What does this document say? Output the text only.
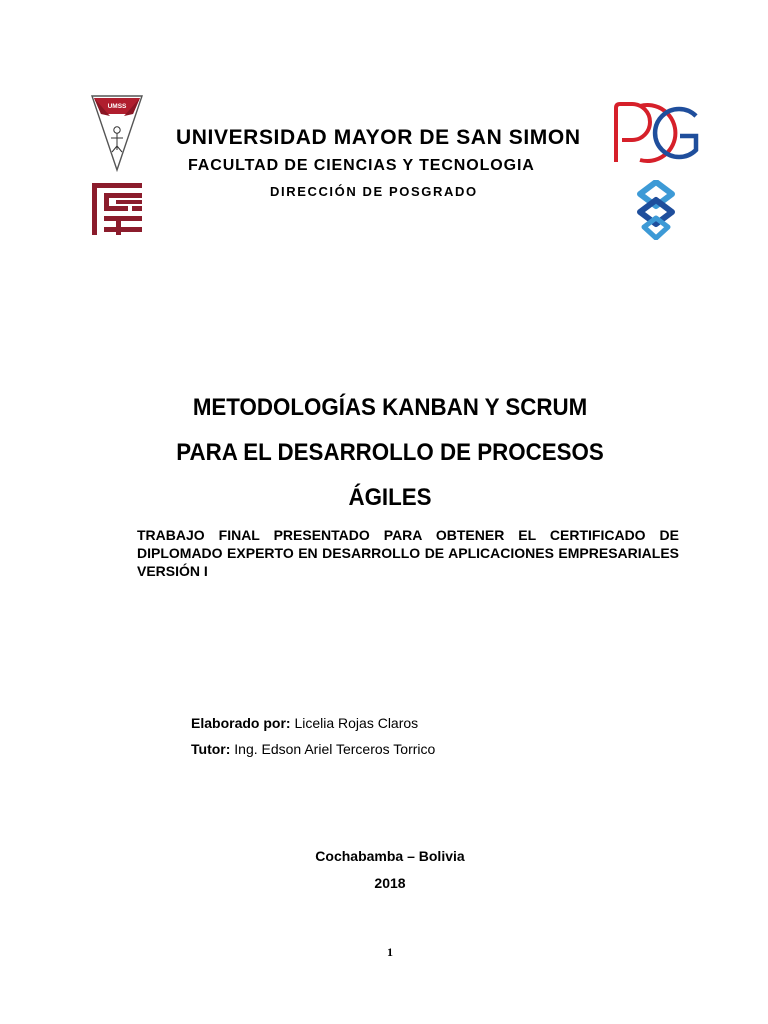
UMSS
UNIVERSIDAD MAYOR DE SAN SIMON
FACULTAD DE CIENCIAS Y TECNOLOGIA
DIRECCIÓN DE POSGRADO
METODOLOGÍAS KANBAN Y SCRUM
PARA EL DESARROLLO DE PROCESOS
ÁGILES
TRABAJO FINAL PRESENTADO PARA OBTENER EL CERTIFICADO DE DIPLOMADO EXPERTO EN DESARROLLO DE APLICACIONES EMPRESARIALES VERSIÓN I
Elaborado por: Licelia Rojas Claros
Tutor: Ing. Edson Ariel Terceros Torrico
Cochabamba – Bolivia
2018
1
